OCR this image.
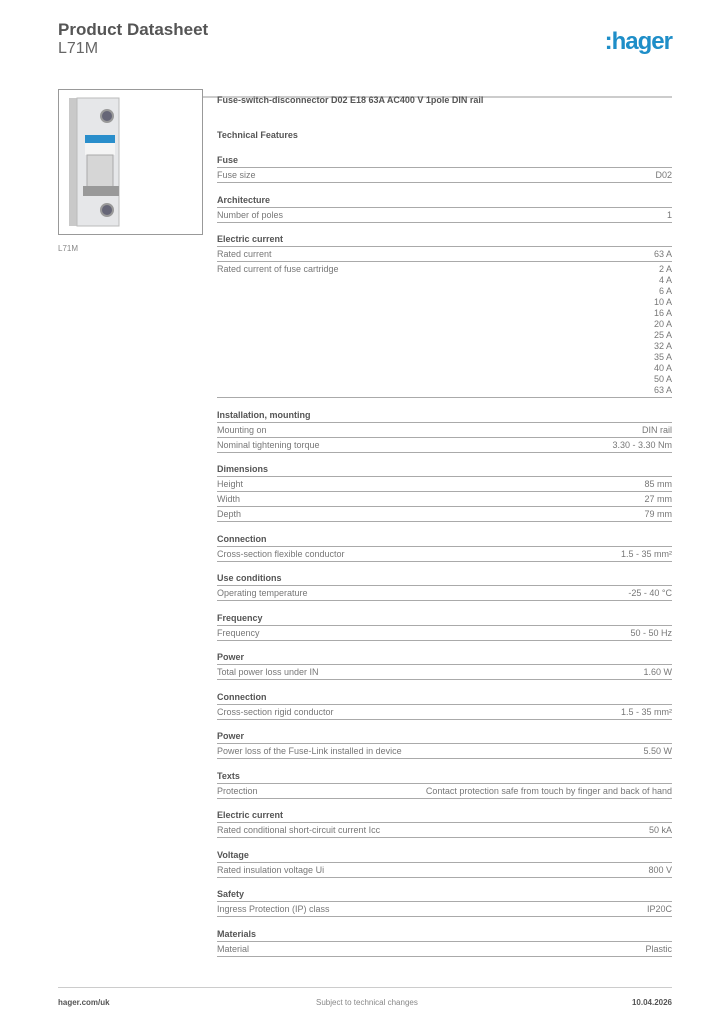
Product Datasheet
L71M	:hager
L71M
Fuse-switch-disconnector D02 E18 63A AC400 V 1pole DIN rail
Technical Features
Fuse
Fuse size	D02
Architecture
Number of poles	1
Electric current
Rated current	63 A
Rated current of fuse cartridge	2 A
4 A
6 A
10 A
16 A
20 A
25 A
32 A
35 A
40 A
50 A
63 A
Installation, mounting
Mounting on	DIN rail
Nominal tightening torque	3.30 - 3.30 Nm
Dimensions
Height	85 mm
Width	27 mm
Depth	79 mm
Connection
Cross-section flexible conductor	1.5 - 35 mm²
Use conditions
Operating temperature	-25 - 40 °C
Frequency
Frequency	50 - 50 Hz
Power
Total power loss under IN	1.60 W
Connection
Cross-section rigid conductor	1.5 - 35 mm²
Power
Power loss of the Fuse-Link installed in device	5.50 W
Texts
Protection	Contact protection safe from touch by finger and back of hand
Electric current
Rated conditional short-circuit current Icc	50 kA
Voltage
Rated insulation voltage Ui	800 V
Safety
Ingress Protection (IP) class	IP20C
Materials
Material	Plastic
hager.com/uk	Subject to technical changes	10.04.2026
